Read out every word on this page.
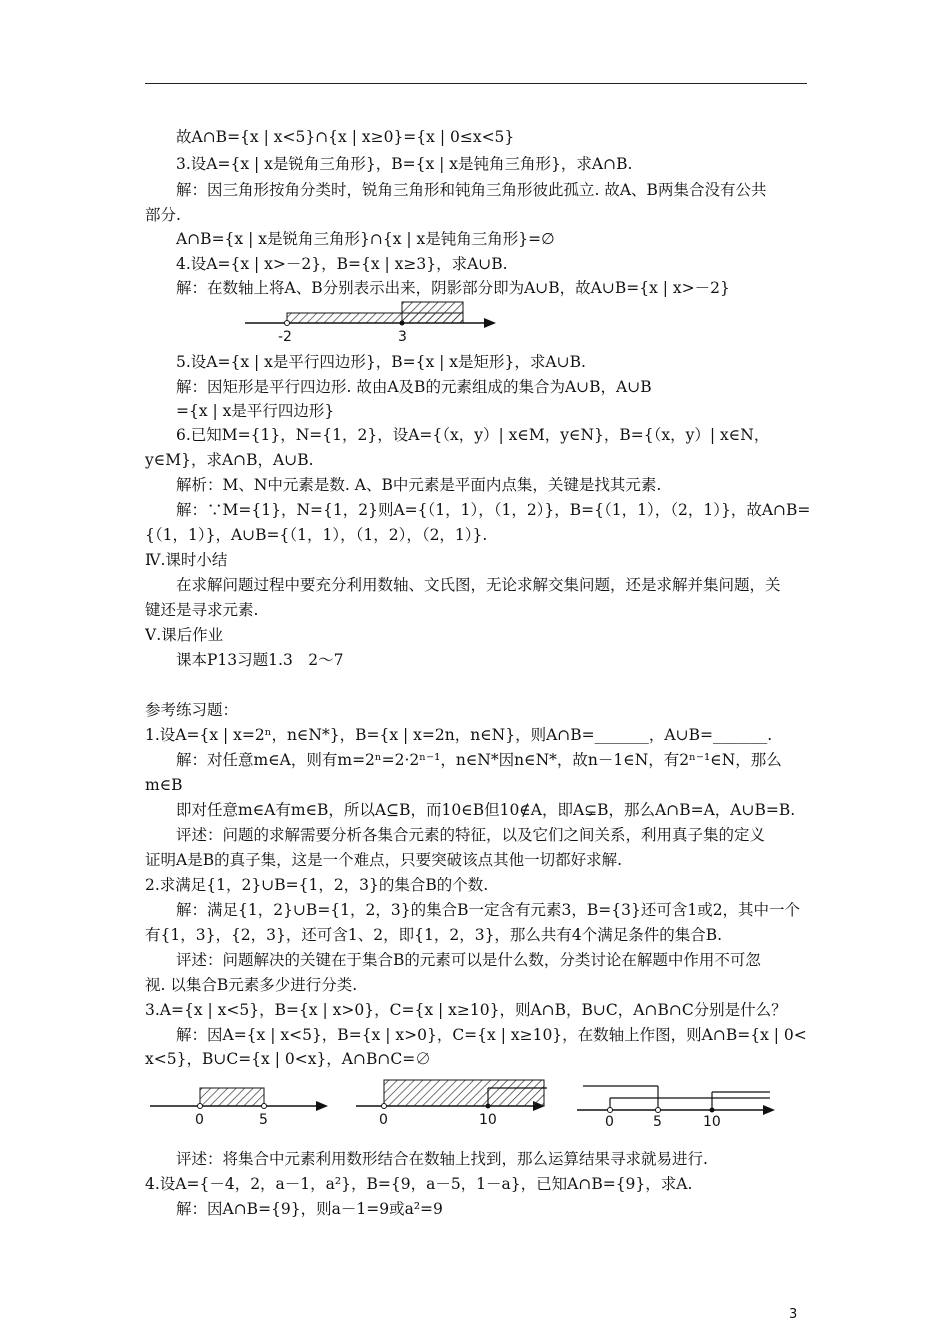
故A∩B={x | x<5}∩{x | x≥0}={x | 0≤x<5}
3.设A={x | x是锐角三角形}，B={x | x是钝角三角形}，求A∩B.
解：因三角形按角分类时，锐角三角形和钝角三角形彼此孤立. 故A、B两集合没有公共
部分.
A∩B={x | x是锐角三角形}∩{x | x是钝角三角形}=∅
4.设A={x | x>－2}，B={x | x≥3}，求A∪B.
解：在数轴上将A、B分别表示出来，阴影部分即为A∪B，故A∪B={x | x>－2}
-2	3
5.设A={x | x是平行四边形}，B={x | x是矩形}，求A∪B.
解：因矩形是平行四边形. 故由A及B的元素组成的集合为A∪B，A∪B
={x | x是平行四边形}
6.已知M={1}，N={1，2}，设A={（x，y）| x∈M，y∈N}，B={（x，y）| x∈N，
y∈M}，求A∩B，A∪B.
解析：M、N中元素是数. A、B中元素是平面内点集，关键是找其元素.
解：∵M={1}，N={1，2}则A={（1，1），（1，2）}，B={（1，1），（2，1）}，故A∩B=
{（1，1）}，A∪B={（1，1），（1，2），（2，1）}.
Ⅳ.课时小结
在求解问题过程中要充分利用数轴、文氏图，无论求解交集问题，还是求解并集问题，关
键还是寻求元素.
Ⅴ.课后作业
课本P13习题1.3　2～7
参考练习题：
1.设A={x | x=2ⁿ，n∈N*}，B={x | x=2n，n∈N}，则A∩B=_______，A∪B=_______.
解：对任意m∈A，则有m=2ⁿ=2·2ⁿ⁻¹，n∈N*因n∈N*，故n－1∈N，有2ⁿ⁻¹∈N，那么
m∈B
即对任意m∈A有m∈B，所以A⊆B，而10∈B但10∉A，即A⊊B，那么A∩B=A，A∪B=B.
评述：问题的求解需要分析各集合元素的特征，以及它们之间关系，利用真子集的定义
证明A是B的真子集，这是一个难点，只要突破该点其他一切都好求解.
2.求满足{1，2}∪B={1，2，3}的集合B的个数.
解：满足{1，2}∪B={1，2，3}的集合B一定含有元素3，B={3}还可含1或2，其中一个
有{1，3}，{2，3}，还可含1、2，即{1，2，3}，那么共有4个满足条件的集合B.
评述：问题解决的关键在于集合B的元素可以是什么数，分类讨论在解题中作用不可忽
视. 以集合B元素多少进行分类.
3.A={x | x<5}，B={x | x>0}，C={x | x≥10}，则A∩B，B∪C，A∩B∩C分别是什么？
解：因A={x | x<5}，B={x | x>0}，C={x | x≥10}，在数轴上作图，则A∩B={x | 0<
x<5}，B∪C={x | 0<x}，A∩B∩C=∅
0	5	0	10	0	5	10
评述：将集合中元素利用数形结合在数轴上找到，那么运算结果寻求就易进行.
4.设A={－4，2，a－1，a²}，B={9，a－5，1－a}，已知A∩B={9}，求A.
解：因A∩B={9}，则a－1=9或a²=9
3
